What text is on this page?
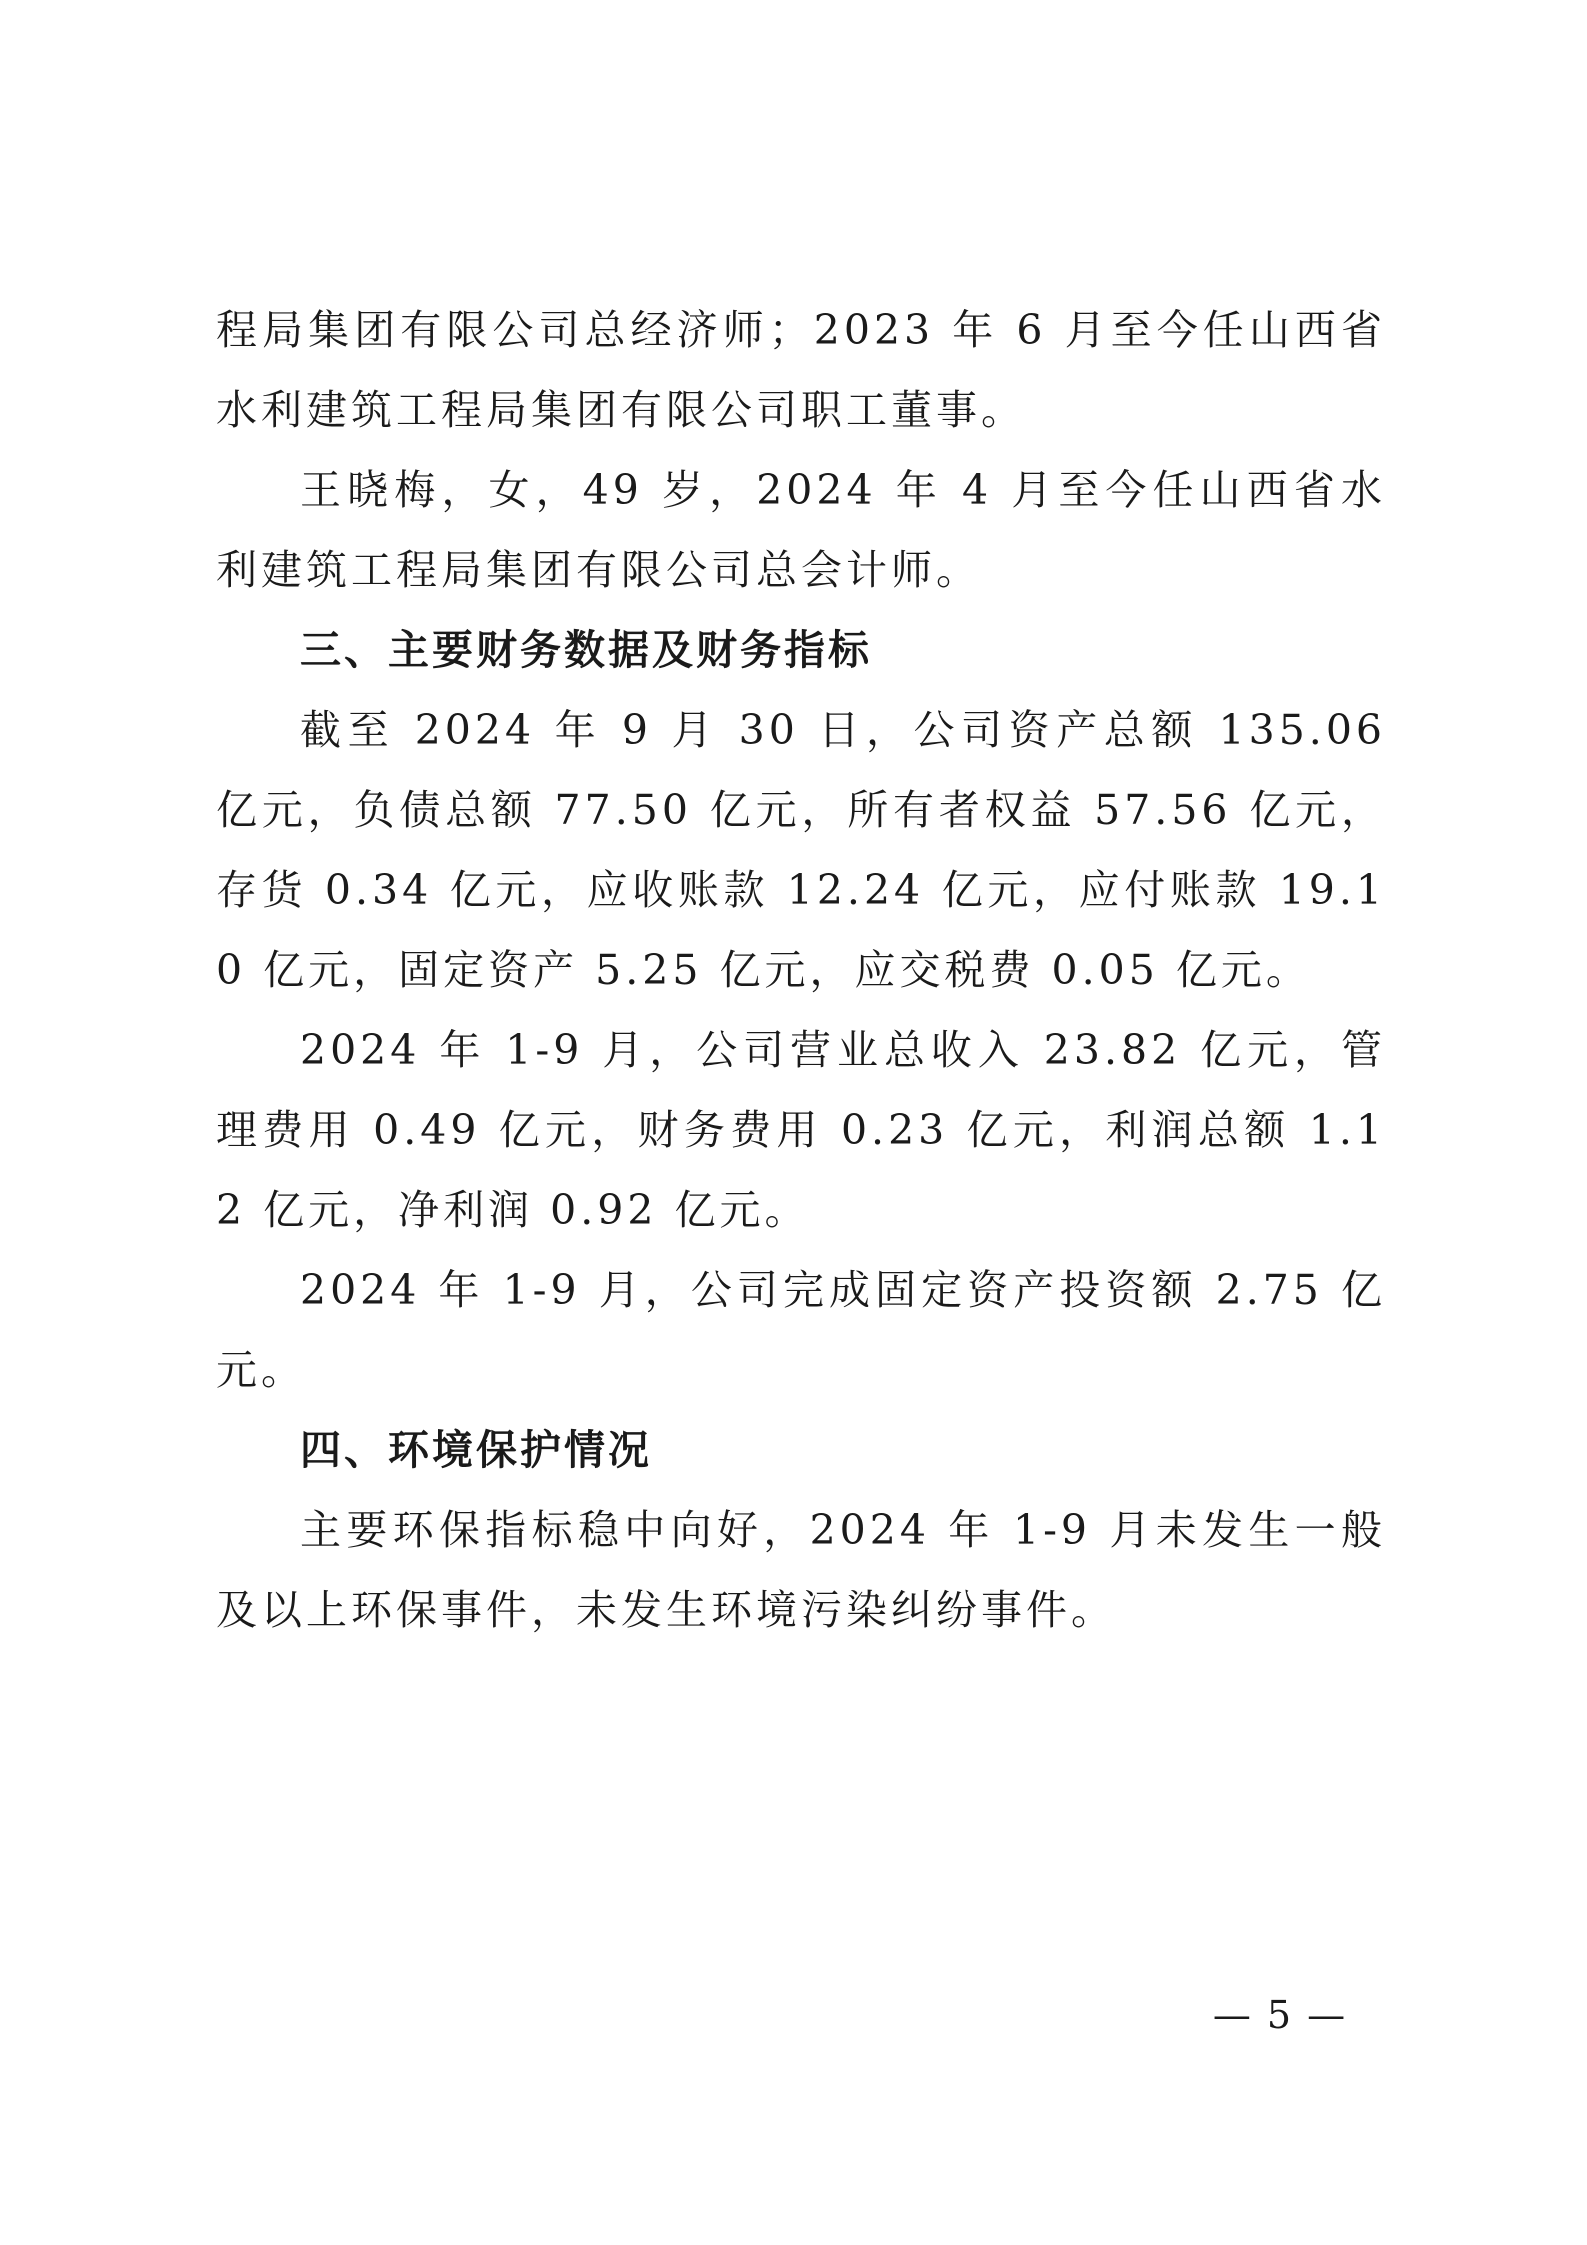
程局集团有限公司总经济师；2023 年 6 月至今任山西省水利建筑工程局集团有限公司职工董事。

王晓梅，女，49 岁，2024 年 4 月至今任山西省水利建筑工程局集团有限公司总会计师。

三、主要财务数据及财务指标

截至 2024 年 9 月 30 日，公司资产总额 135.06 亿元，负债总额 77.50 亿元，所有者权益 57.56 亿元，存货 0.34 亿元，应收账款 12.24 亿元，应付账款 19.10 亿元，固定资产 5.25 亿元，应交税费 0.05 亿元。

2024 年 1-9 月，公司营业总收入 23.82 亿元，管理费用 0.49 亿元，财务费用 0.23 亿元，利润总额 1.12 亿元，净利润 0.92 亿元。

2024 年 1-9 月，公司完成固定资产投资额 2.75 亿元。

四、环境保护情况

主要环保指标稳中向好，2024 年 1-9 月未发生一般及以上环保事件，未发生环境污染纠纷事件。

— 5 —
